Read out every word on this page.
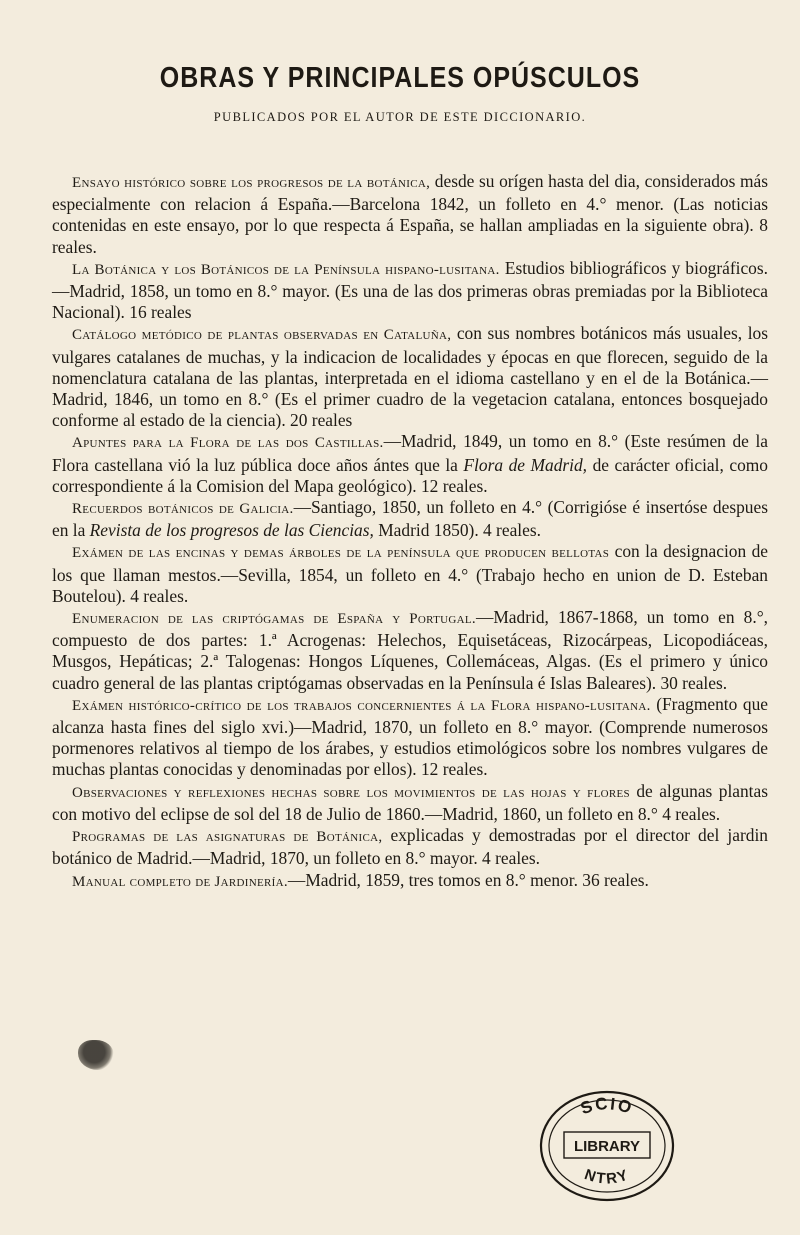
OBRAS Y PRINCIPALES OPÚSCULOS
PUBLICADOS POR EL AUTOR DE ESTE DICCIONARIO.

Ensayo histórico sobre los progresos de la botánica, desde su orígen hasta del dia, considerados más especialmente con relacion á España.—Barcelona 1842, un folleto en 4.° menor. (Las noticias contenidas en este ensayo, por lo que respecta á España, se hallan ampliadas en la siguiente obra). 8 reales.

La Botánica y los Botánicos de la Península hispano-lusitana. Estudios bibliográficos y biográficos.—Madrid, 1858, un tomo en 8.° mayor. (Es una de las dos primeras obras premiadas por la Biblioteca Nacional). 16 reales

Catálogo metódico de plantas observadas en Cataluña, con sus nombres botánicos más usuales, los vulgares catalanes de muchas, y la indicacion de localidades y épocas en que florecen, seguido de la nomenclatura catalana de las plantas, interpretada en el idioma castellano y en el de la Botánica.—Madrid, 1846, un tomo en 8.° (Es el primer cuadro de la vegetacion catalana, entonces bosquejado conforme al estado de la ciencia). 20 reales

Apuntes para la Flora de las dos Castillas.—Madrid, 1849, un tomo en 8.° (Este resúmen de la Flora castellana vió la luz pública doce años ántes que la Flora de Madrid, de carácter oficial, como correspondiente á la Comision del Mapa geológico). 12 reales.

Recuerdos botánicos de Galicia.—Santiago, 1850, un folleto en 4.° (Corrigióse é insertóse despues en la Revista de los progresos de las Ciencias, Madrid 1850). 4 reales.

Exámen de las encinas y demas árboles de la península que producen bellotas con la designacion de los que llaman mestos.—Sevilla, 1854, un folleto en 4.° (Trabajo hecho en union de D. Esteban Boutelou). 4 reales.

Enumeracion de las criptógamas de España y Portugal.—Madrid, 1867-1868, un tomo en 8.°, compuesto de dos partes: 1.ª Acrogenas: Helechos, Equisetáceas, Rizocárpeas, Licopodiáceas, Musgos, Hepáticas; 2.ª Talogenas: Hongos Líquenes, Collemáceas, Algas. (Es el primero y único cuadro general de las plantas criptógamas observadas en la Península é Islas Baleares). 30 reales.

Exámen histórico-crítico de los trabajos concernientes á la Flora hispano-lusitana. (Fragmento que alcanza hasta fines del siglo xvi.)—Madrid, 1870, un folleto en 8.° mayor. (Comprende numerosos pormenores relativos al tiempo de los árabes, y estudios etimológicos sobre los nombres vulgares de muchas plantas conocidas y denominadas por ellos). 12 reales.

Observaciones y reflexiones hechas sobre los movimientos de las hojas y flores de algunas plantas con motivo del eclipse de sol del 18 de Julio de 1860.—Madrid, 1860, un folleto en 8.° 4 reales.

Programas de las asignaturas de Botánica, explicadas y demostradas por el director del jardin botánico de Madrid.—Madrid, 1870, un folleto en 8.° mayor. 4 reales.

Manual completo de Jardinería.—Madrid, 1859, tres tomos en 8.° menor. 36 reales.

SCIO
LIBRARY
NTRY
